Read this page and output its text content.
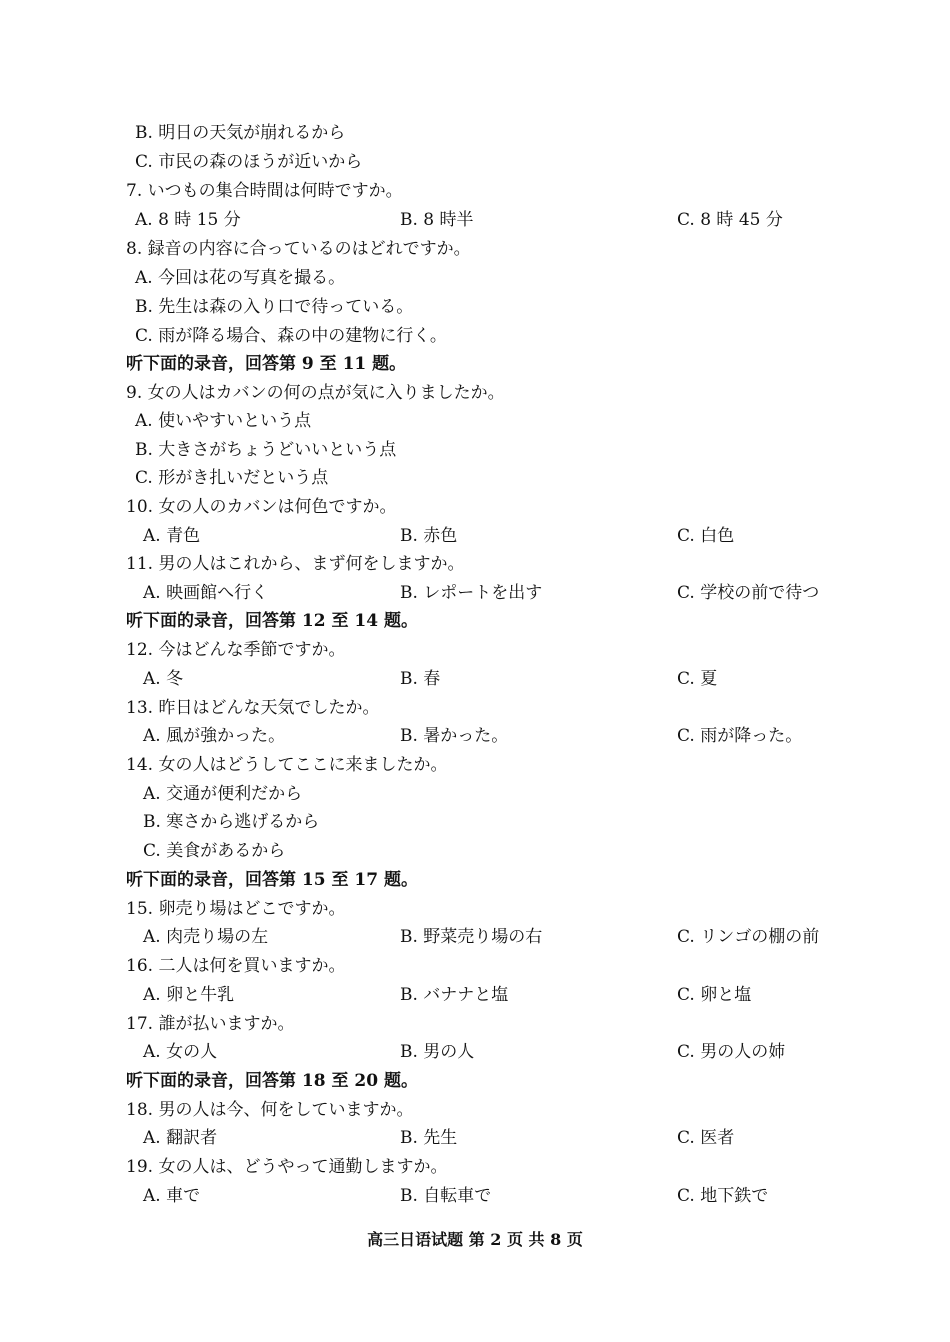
B. 明日の天気が崩れるから
C. 市民の森のほうが近いから
7. いつもの集合時間は何時ですか。
A. 8 時 15 分	B. 8 時半	C. 8 時 45 分
8. 録音の内容に合っているのはどれですか。
A. 今回は花の写真を撮る。
B. 先生は森の入り口で待っている。
C. 雨が降る場合、森の中の建物に行く。
听下面的录音，回答第 9 至 11 题。
9. 女の人はカバンの何の点が気に入りましたか。
A. 使いやすいという点
B. 大きさがちょうどいいという点
C. 形がき扎いだという点
10. 女の人のカバンは何色ですか。
A. 青色	B. 赤色	C. 白色
11. 男の人はこれから、まず何をしますか。
A. 映画館へ行く	B. レポートを出す	C. 学校の前で待つ
听下面的录音，回答第 12 至 14 题。
12. 今はどんな季節ですか。
A. 冬	B. 春	C. 夏
13. 昨日はどんな天気でしたか。
A. 風が強かった。	B. 暑かった。	C. 雨が降った。
14. 女の人はどうしてここに来ましたか。
A. 交通が便利だから
B. 寒さから逃げるから
C. 美食があるから
听下面的录音，回答第 15 至 17 题。
15. 卵売り場はどこですか。
A. 肉売り場の左	B. 野菜売り場の右	C. リンゴの棚の前
16. 二人は何を買いますか。
A. 卵と牛乳	B. バナナと塩	C. 卵と塩
17. 誰が払いますか。
A. 女の人	B. 男の人	C. 男の人の姉
听下面的录音，回答第 18 至 20 题。
18. 男の人は今、何をしていますか。
A. 翻訳者	B. 先生	C. 医者
19. 女の人は、どうやって通勤しますか。
A. 車で	B. 自転車で	C. 地下鉄で
高三日语试题 第 2 页 共 8 页
